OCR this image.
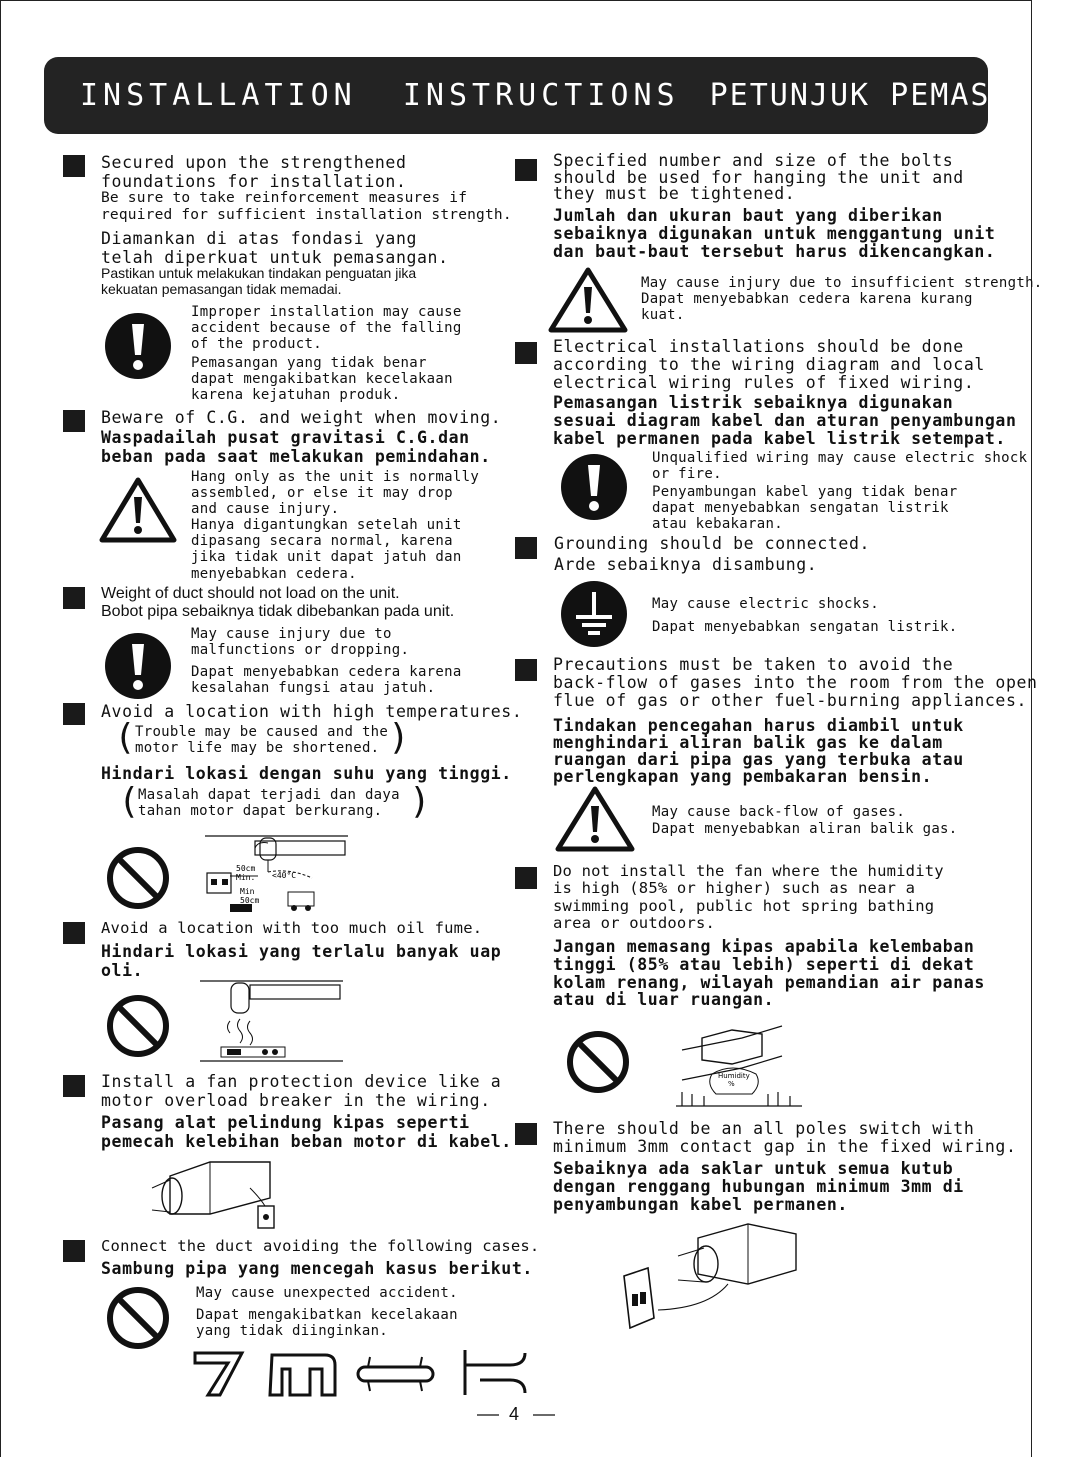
INSTALLATION  INSTRUCTIONS PETUNJUK PEMASANGAN
Secured upon the strengthened
foundations for installation.
Be sure to take reinforcement measures if
required for sufficient installation strength.
Diamankan di atas fondasi yang
telah diperkuat untuk pemasangan.
Pastikan untuk melakukan tindakan penguatan jika
kekuatan pemasangan tidak memadai.
Improper installation may cause
accident because of the falling
of the product.
Pemasangan yang tidak benar
dapat mengakibatkan kecelakaan
karena kejatuhan produk.
Beware of C.G. and weight when moving.
Waspadailah pusat gravitasi C.G.dan
beban pada saat melakukan pemindahan.
Hang only as the unit is normally
assembled, or else it may drop
and cause injury.
Hanya digantungkan setelah unit
dipasang secara normal, karena
jika tidak unit dapat jatuh dan
menyebabkan cedera.
Weight of duct should not load on the unit.
Bobot pipa sebaiknya tidak dibebankan pada unit.
May cause injury due to
malfunctions or dropping.
Dapat menyebabkan cedera karena
kesalahan fungsi atau jatuh.
Avoid a location with high temperatures.
( Trouble may be caused and the
motor life may be shortened. )
Hindari lokasi dengan suhu yang tinggi.
(
Masalah dapat terjadi dan daya
tahan motor dapat berkurang. )
50cm
Min. <40°C
Min
50cm
Avoid a location with too much oil fume.
Hindari lokasi yang terlalu banyak uap
oli.
Install a fan protection device like a
motor overload breaker in the wiring.
Pasang alat pelindung kipas seperti
pemecah kelebihan beban motor di kabel.
Connect the duct avoiding the following cases.
Sambung pipa yang mencegah kasus berikut.
May cause unexpected accident.
Dapat mengakibatkan kecelakaan
yang tidak diinginkan.
Specified number and size of the bolts
should be used for hanging the unit and
they must be tightened.
Jumlah dan ukuran baut yang diberikan
sebaiknya digunakan untuk menggantung unit
dan baut-baut tersebut harus dikencangkan.
May cause injury due to insufficient strength.
Dapat menyebabkan cedera karena kurang
kuat.
Electrical installations should be done
according to the wiring diagram and local
electrical wiring rules of fixed wiring.
Pemasangan listrik sebaiknya digunakan
sesuai diagram kabel dan aturan penyambungan
kabel permanen pada kabel listrik setempat.
Unqualified wiring may cause electric shock
or fire.
Penyambungan kabel yang tidak benar
dapat menyebabkan sengatan listrik
atau kebakaran.
Grounding should be connected.
Arde sebaiknya disambung.
May cause electric shocks.
Dapat menyebabkan sengatan listrik.
Precautions must be taken to avoid the
back-flow of gases into the room from the open
flue of gas or other fuel-burning appliances.
Tindakan pencegahan harus diambil untuk
menghindari aliran balik gas ke dalam
ruangan dari pipa gas yang terbuka atau
perlengkapan yang pembakaran bensin.
May cause back-flow of gases.
Dapat menyebabkan aliran balik gas.
Do not install the fan where the humidity
is high (85% or higher) such as near a
swimming pool, public hot spring bathing
area or outdoors.
Jangan memasang kipas apabila kelembaban
tinggi (85% atau lebih) seperti di dekat
kolam renang, wilayah pemandian air panas
atau di luar ruangan.
Humidity
%
There should be an all poles switch with
minimum 3mm contact gap in the fixed wiring.
Sebaiknya ada saklar untuk semua kutub
dengan renggang hubungan minimum 3mm di
penyambungan kabel permanen.
4
